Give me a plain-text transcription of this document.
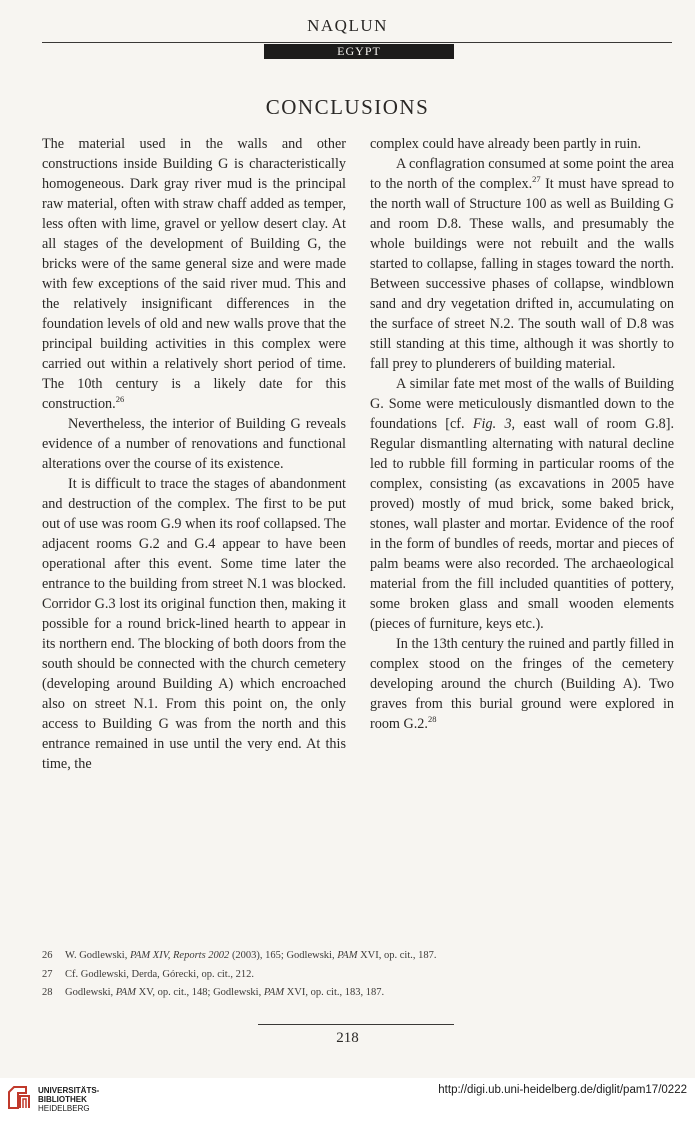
NAQLUN
EGYPT
CONCLUSIONS

The material used in the walls and other constructions inside Building G is characteristically homogeneous. Dark gray river mud is the principal raw material, often with straw chaff added as temper, less often with lime, gravel or yellow desert clay. At all stages of the development of Building G, the bricks were of the same general size and were made with few exceptions of the said river mud. This and the relatively insignificant differences in the foundation levels of old and new walls prove that the principal building activities in this complex were carried out within a relatively short period of time. The 10th century is a likely date for this construction.$^{26}$

Nevertheless, the interior of Building G reveals evidence of a number of renovations and functional alterations over the course of its existence.

It is difficult to trace the stages of abandonment and destruction of the complex. The first to be put out of use was room G.9 when its roof collapsed. The adjacent rooms G.2 and G.4 appear to have been operational after this event. Some time later the entrance to the building from street N.1 was blocked. Corridor G.3 lost its original function then, making it possible for a round brick-lined hearth to appear in its northern end. The blocking of both doors from the south should be connected with the church cemetery (developing around Building A) which encroached also on street N.1. From this point on, the only access to Building G was from the north and this entrance remained in use until the very end. At this time, the

complex could have already been partly in ruin.

A conflagration consumed at some point the area to the north of the complex.$^{27}$ It must have spread to the north wall of Structure 100 as well as Building G and room D.8. These walls, and presumably the whole buildings were not rebuilt and the walls started to collapse, falling in stages toward the north. Between successive phases of collapse, windblown sand and dry vegetation drifted in, accumulating on the surface of street N.2. The south wall of D.8 was still standing at this time, although it was shortly to fall prey to plunderers of building material.

A similar fate met most of the walls of Building G. Some were meticulously dismantled down to the foundations [cf. Fig. 3, east wall of room G.8]. Regular dismantling alternating with natural decline led to rubble fill forming in particular rooms of the complex, consisting (as excavations in 2005 have proved) mostly of mud brick, some baked brick, stones, wall plaster and mortar. Evidence of the roof in the form of bundles of reeds, mortar and pieces of palm beams were also recorded. The archaeological material from the fill included quantities of pottery, some broken glass and small wooden elements (pieces of furniture, keys etc.).

In the 13th century the ruined and partly filled in complex stood on the fringes of the cemetery developing around the church (Building A). Two graves from this burial ground were explored in room G.2.28

26	W. Godlewski, PAM XIV, Reports 2002 (2003), 165; Godlewski, PAM XVI, op. cit., 187.
27	Cf. Godlewski, Derda, Górecki, op. cit., 212.
28	Godlewski, PAM XV, op. cit., 148; Godlewski, PAM XVI, op. cit., 183, 187.
218
UNIVERSITÄTS-
BIBLIOTHEK
HEIDELBERG
http://digi.ub.uni-heidelberg.de/diglit/pam17/0222
